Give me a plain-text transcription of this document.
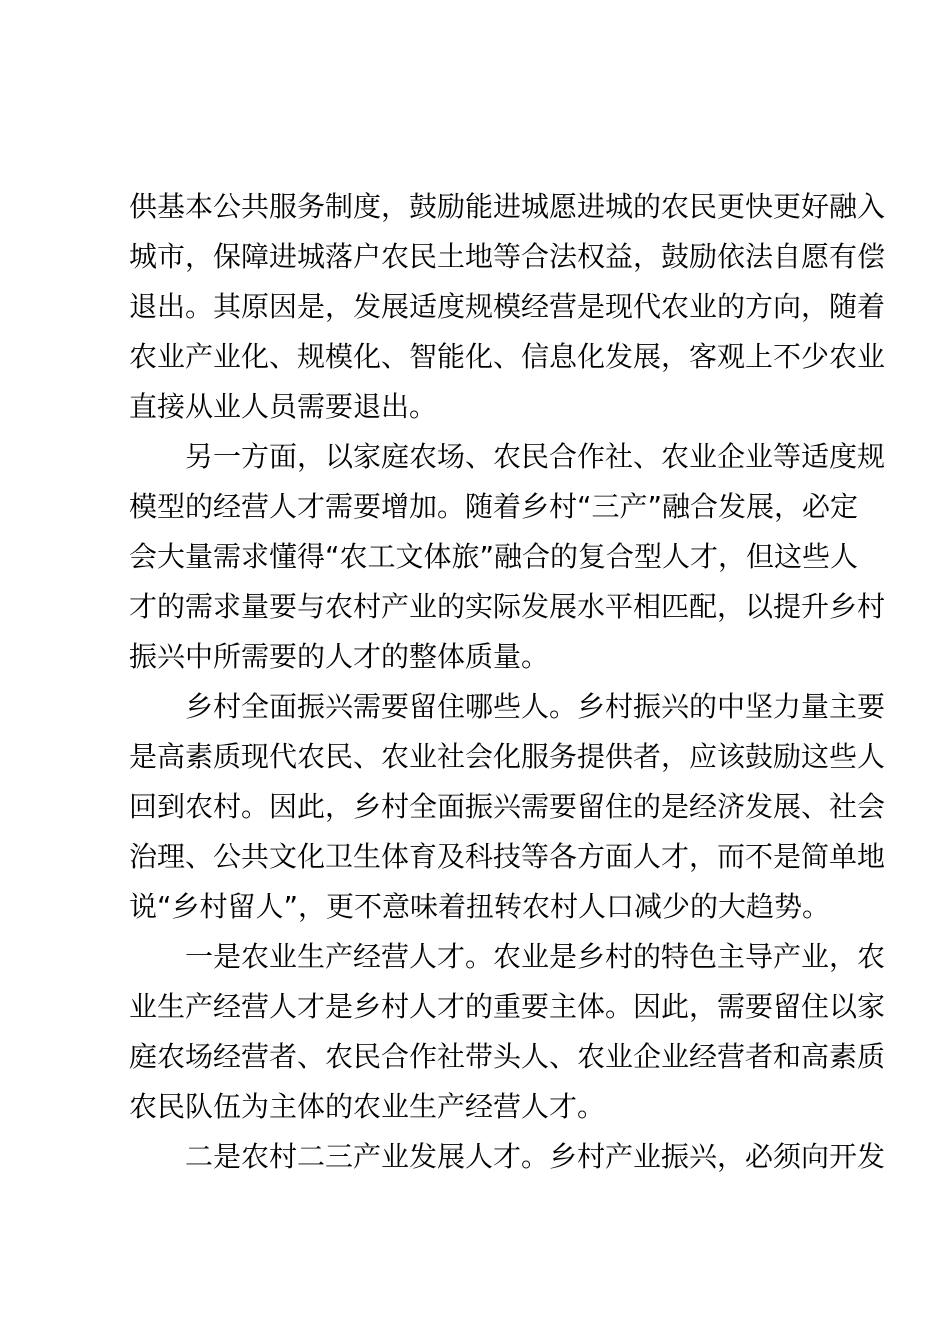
供基本公共服务制度，鼓励能进城愿进城的农民更快更好融入
城市，保障进城落户农民土地等合法权益，鼓励依法自愿有偿
退出。其原因是，发展适度规模经营是现代农业的方向，随着
农业产业化、规模化、智能化、信息化发展，客观上不少农业
直接从业人员需要退出。
另一方面，以家庭农场、农民合作社、农业企业等适度规
模型的经营人才需要增加。随着乡村“三产”融合发展，必定
会大量需求懂得“农工文体旅”融合的复合型人才，但这些人
才的需求量要与农村产业的实际发展水平相匹配，以提升乡村
振兴中所需要的人才的整体质量。
乡村全面振兴需要留住哪些人。乡村振兴的中坚力量主要
是高素质现代农民、农业社会化服务提供者，应该鼓励这些人
回到农村。因此，乡村全面振兴需要留住的是经济发展、社会
治理、公共文化卫生体育及科技等各方面人才，而不是简单地
说“乡村留人”，更不意味着扭转农村人口减少的大趋势。
一是农业生产经营人才。农业是乡村的特色主导产业，农
业生产经营人才是乡村人才的重要主体。因此，需要留住以家
庭农场经营者、农民合作社带头人、农业企业经营者和高素质
农民队伍为主体的农业生产经营人才。
二是农村二三产业发展人才。乡村产业振兴，必须向开发
